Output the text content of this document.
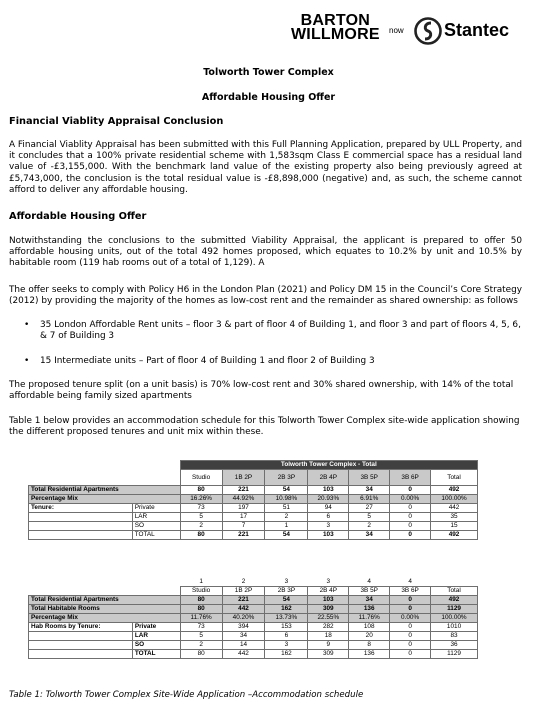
BARTON
WILLMORE now Stantec
Tolworth Tower Complex
Affordable Housing Offer
Financial Viablity Appraisal Conclusion
A Financial Viablity Appraisal has been submitted with this Full Planning Application, prepared by ULL Property, and it concludes that a 100% private residential scheme with 1,583sqm Class E commercial space has a residual land value of -£3,155,000. With the benchmark land value of the existing property also being previously agreed at £5,743,000, the conclusion is the total residual value is -£8,898,000 (negative) and, as such, the scheme cannot afford to deliver any affordable housing.
Affordable Housing Offer
Notwithstanding the conclusions to the submitted Viability Appraisal, the applicant is prepared to offer 50 affordable housing units, out of the total 492 homes proposed, which equates to 10.2% by unit and 10.5% by habitable room (119 hab rooms out of a total of 1,129). A
The offer seeks to comply with Policy H6 in the London Plan (2021) and Policy DM 15 in the Council’s Core Strategy (2012) by providing the majority of the homes as low-cost rent and the remainder as shared ownership: as follows
• 35 London Affordable Rent units – floor 3 & part of floor 4 of Building 1, and floor 3 and part of floors 4, 5, 6, & 7 of Building 3
• 15 Intermediate units – Part of floor 4 of Building 1 and floor 2 of Building 3
The proposed tenure split (on a unit basis) is 70% low-cost rent and 30% shared ownership, with 14% of the total affordable being family sized apartments
Table 1 below provides an accommodation schedule for this Tolworth Tower Complex site-wide application showing the different proposed tenures and unit mix within these.
		Tolworth Tower Complex - Total						
		Studio	1B 2P	2B 3P	2B 4P	3B 5P	3B 6P	Total
Total Residential Apartments		80	221	54	103	34	0	492
Percentage Mix		16.26%	44.92%	10.98%	20.93%	6.91%	0.00%	100.00%
Tenure:	Private	73	197	51	94	27	0	442
	LAR	5	17	2	6	5	0	35
	SO	2	7	1	3	2	0	15
	TOTAL	80	221	54	103	34	0	492
		1	2	3	3	4	4	
		Studio	1B 2P	2B 3P	2B 4P	3B 5P	3B 6P	Total
Total Residential Apartments		80	221	54	103	34	0	492
Total Habitable Rooms		80	442	162	309	136	0	1129
Percentage Mix		11.76%	40.20%	13.73%	22.55%	11.76%	0.00%	100.00%
Hab Rooms by Tenure:	Private	73	394	153	282	108	0	1010
	LAR	5	34	6	18	20	0	83
	SO	2	14	3	9	8	0	36
	TOTAL	80	442	162	309	136	0	1129
Table 1: Tolworth Tower Complex Site-Wide Application –Accommodation schedule
